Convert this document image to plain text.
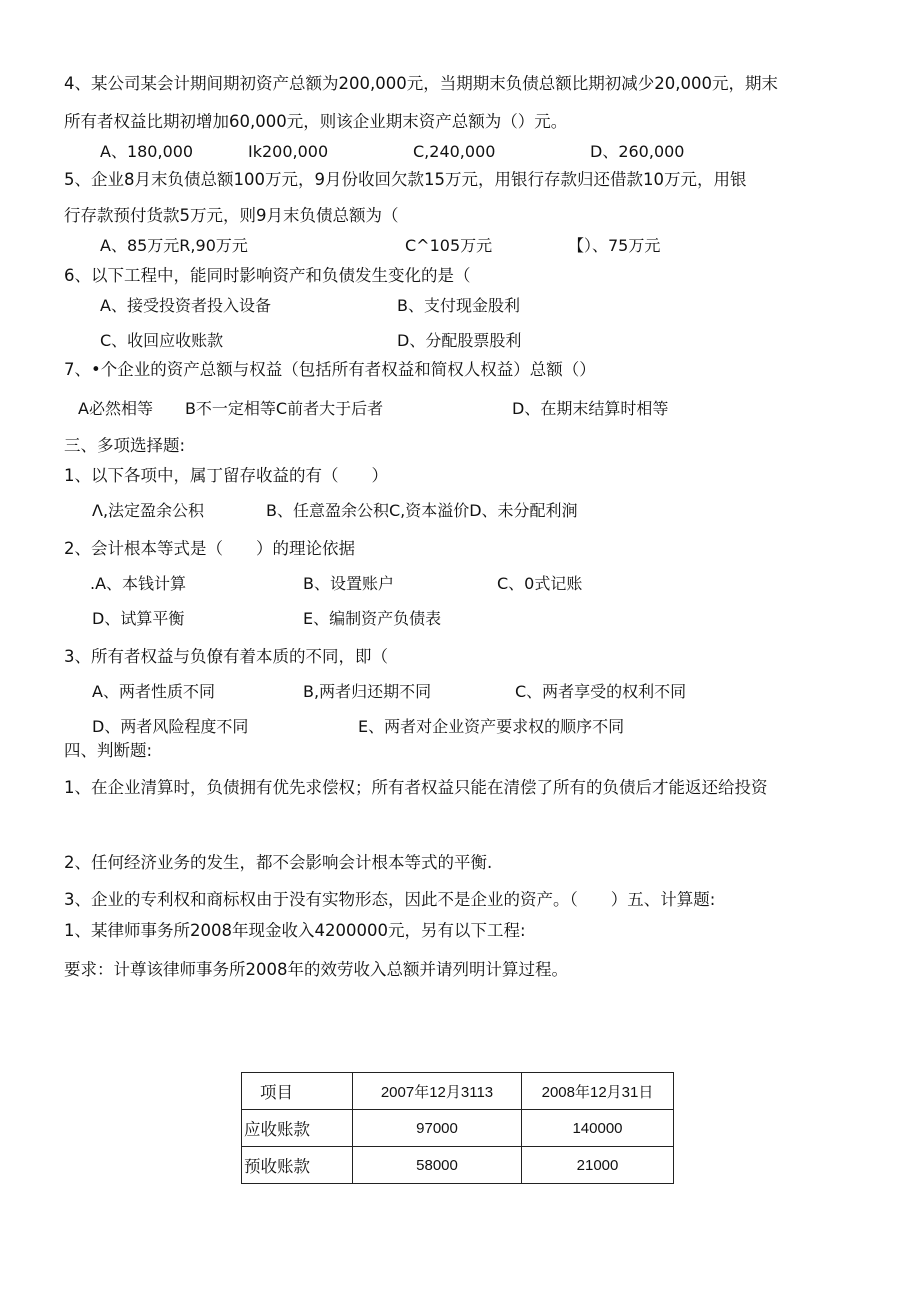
4、某公司某会计期间期初资产总额为200,000元，当期期末负债总额比期初减少20,000元，期末
所有者权益比期初增加60,000元，则该企业期末资产总额为（）元。
A、180,000	Ik200,000	C,240,000	D、260,000
5、企业8月末负债总额100万元，9月份收回欠款15万元，用银行存款归还借款10万元，用银
行存款预付货款5万元，则9月末负债总额为（
A、85万元R,90万元	C^105万元	【）、75万元
6、以下工程中，能同时影响资产和负债发生变化的是（
A、接受投资者投入设备	B、支付现金股利
C、收回应收账款	D、分配股票股利
7、•个企业的资产总额与权益（包括所有者权益和简权人权益）总额（）
A必然相等　　B不一定相等C前者大于后者	D、在期末结算时相等
三、多项选择题:
1、以下各项中，属丁留存收益的有（　　）
Λ,法定盈余公积	B、任意盈余公积C,资本溢价D、未分配利涧
2、会计根本等式是（　　）的理论依据
.A、本钱计算	B、设置账户	C、0式记账
D、试算平衡	E、编制资产负债表
3、所有者权益与负僚有着本质的不同，即（
A、两者性质不同	B,两者归还期不同	C、两者享受的权利不同
D、两者风险程度不同	E、两者对企业资产要求权的顺序不同
四、判断题:
1、在企业清算时，负债拥有优先求偿权；所有者权益只能在清偿了所有的负债后才能返还给投资
2、任何经济业务的发生，都不会影响会计根本等式的平衡.
3、企业的专利权和商标权由于没有实物形态，因此不是企业的资产。（　　）五、计算题:
1、某律师事务所2008年现金收入4200000元，另有以下工程:
要求：计尊该律师事务所2008年的效劳收入总额并请列明计算过程。
项目	2007年12月3113	2008年12月31日
应收账款	97000	140000
预收账款	58000	21000
